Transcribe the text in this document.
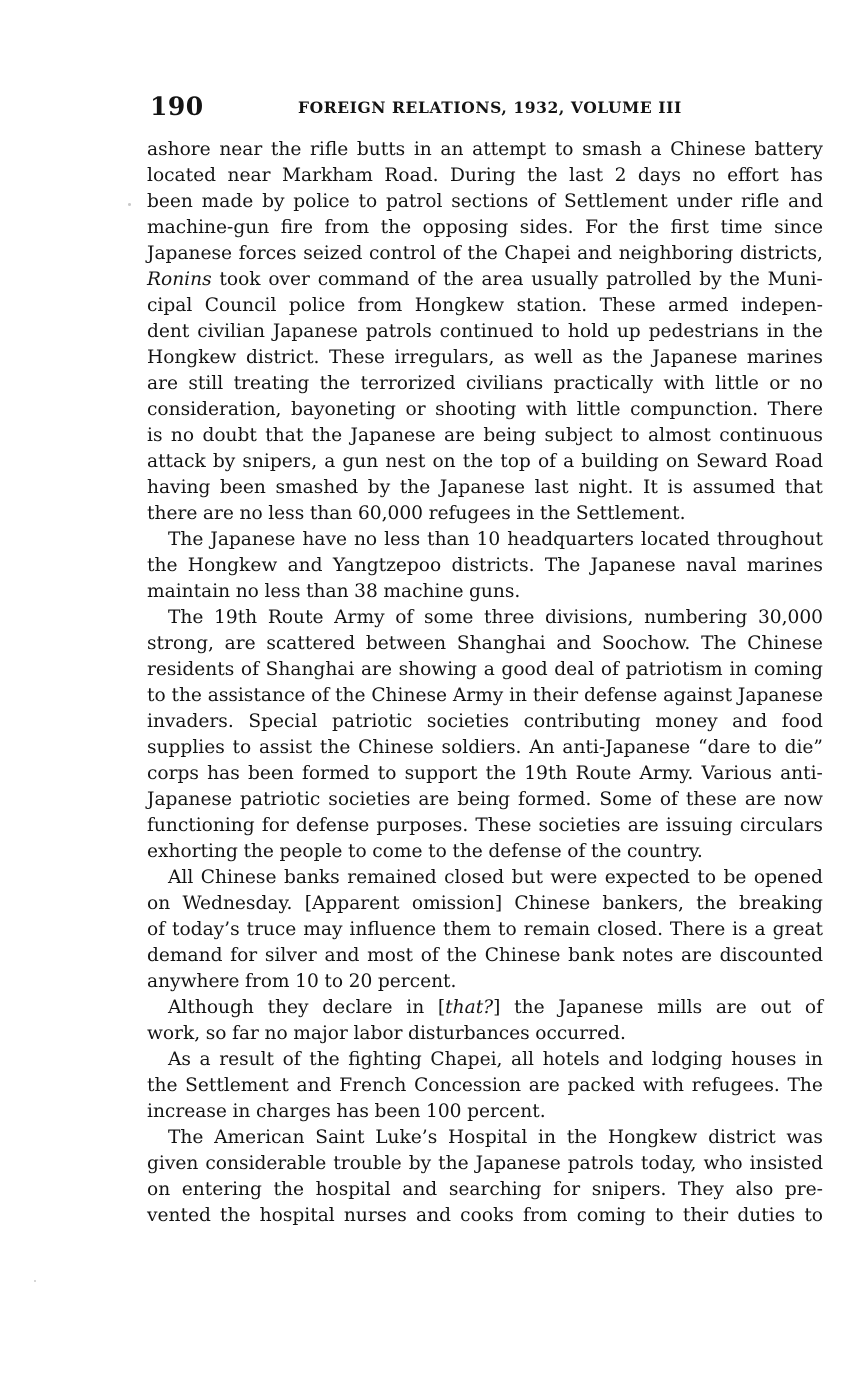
190	FOREIGN RELATIONS, 1932, VOLUME III
ashore near the rifle butts in an attempt to smash a Chinese battery
located near Markham Road. During the last 2 days no effort has
been made by police to patrol sections of Settlement under rifle and
machine-gun fire from the opposing sides. For the first time since
Japanese forces seized control of the Chapei and neighboring districts,
Ronins took over command of the area usually patrolled by the Muni-
cipal Council police from Hongkew station. These armed indepen-
dent civilian Japanese patrols continued to hold up pedestrians in the
Hongkew district. These irregulars, as well as the Japanese marines
are still treating the terrorized civilians practically with little or no
consideration, bayoneting or shooting with little compunction. There
is no doubt that the Japanese are being subject to almost continuous
attack by snipers, a gun nest on the top of a building on Seward Road
having been smashed by the Japanese last night. It is assumed that
there are no less than 60,000 refugees in the Settlement.
The Japanese have no less than 10 headquarters located throughout
the Hongkew and Yangtzepoo districts. The Japanese naval marines
maintain no less than 38 machine guns.
The 19th Route Army of some three divisions, numbering 30,000
strong, are scattered between Shanghai and Soochow. The Chinese
residents of Shanghai are showing a good deal of patriotism in coming
to the assistance of the Chinese Army in their defense against Japanese
invaders. Special patriotic societies contributing money and food
supplies to assist the Chinese soldiers. An anti-Japanese “dare to die”
corps has been formed to support the 19th Route Army. Various anti-
Japanese patriotic societies are being formed. Some of these are now
functioning for defense purposes. These societies are issuing circulars
exhorting the people to come to the defense of the country.
All Chinese banks remained closed but were expected to be opened
on Wednesday. [Apparent omission] Chinese bankers, the breaking
of today’s truce may influence them to remain closed. There is a great
demand for silver and most of the Chinese bank notes are discounted
anywhere from 10 to 20 percent.
Although they declare in [that?] the Japanese mills are out of
work, so far no major labor disturbances occurred.
As a result of the fighting Chapei, all hotels and lodging houses in
the Settlement and French Concession are packed with refugees. The
increase in charges has been 100 percent.
The American Saint Luke’s Hospital in the Hongkew district was
given considerable trouble by the Japanese patrols today, who insisted
on entering the hospital and searching for snipers. They also pre-
vented the hospital nurses and cooks from coming to their duties to
